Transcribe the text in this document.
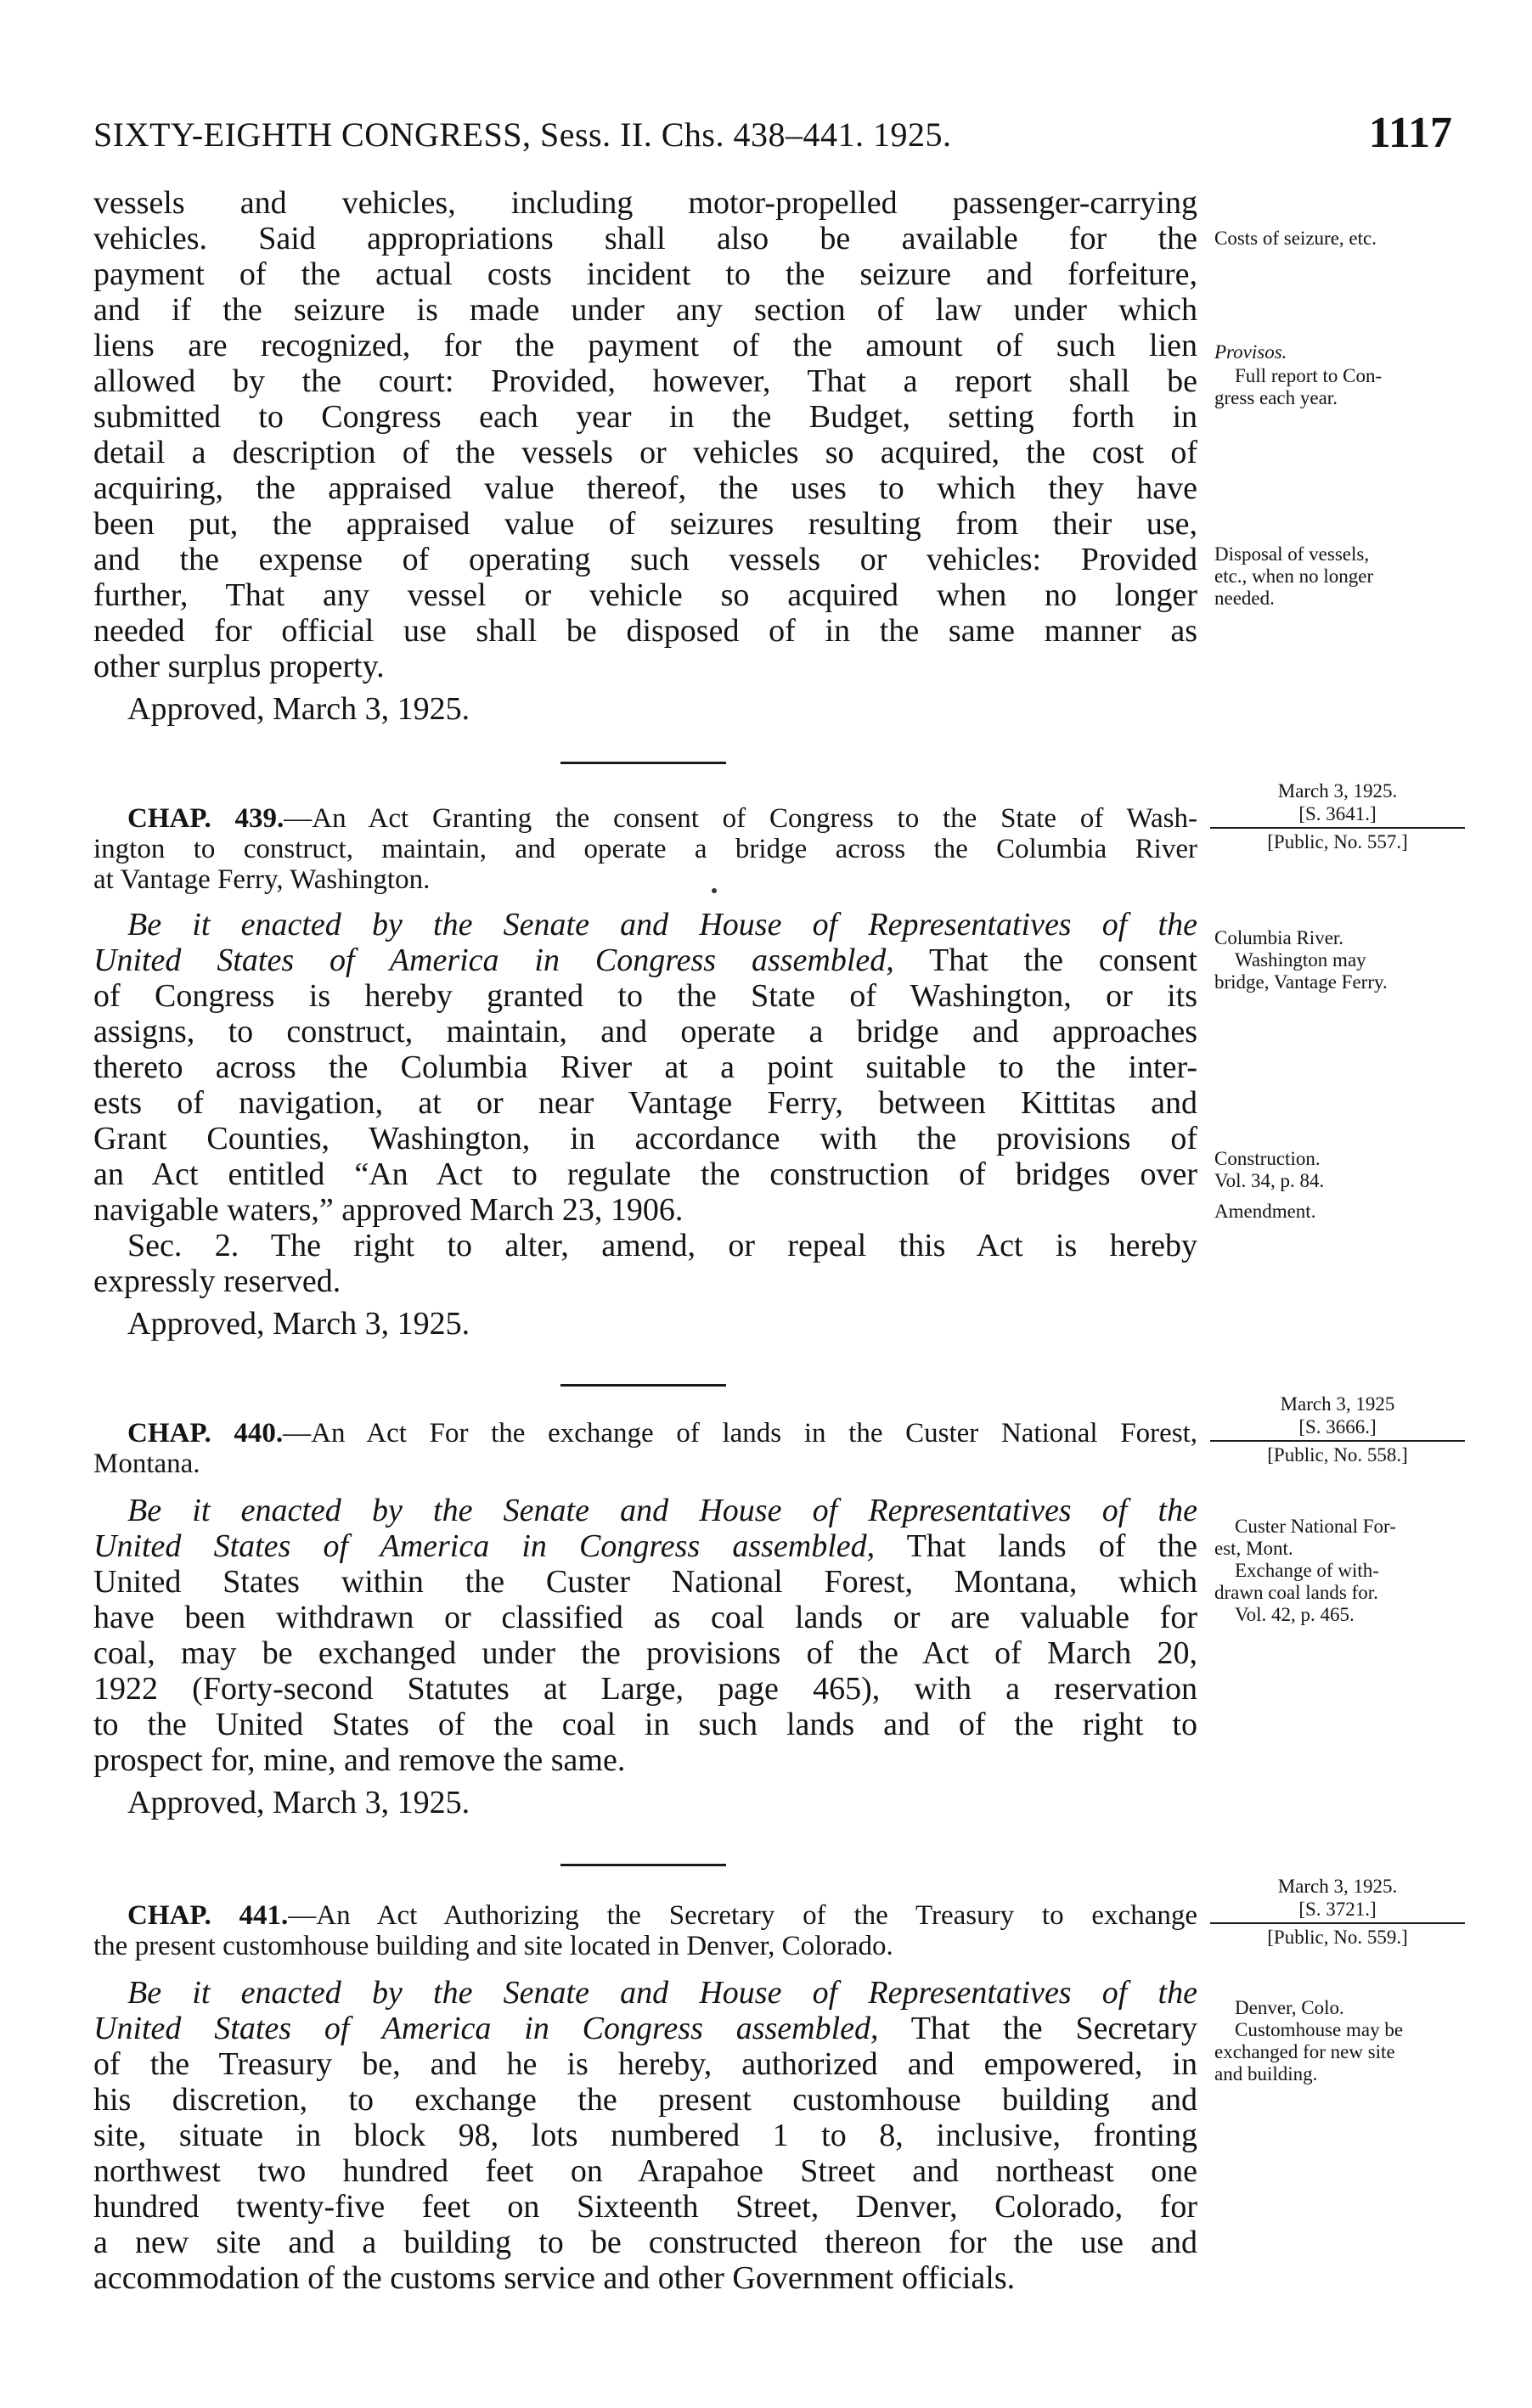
SIXTY-EIGHTH CONGRESS, Sess. II. Chs. 438–441. 1925.	1117
vessels and vehicles, including motor-propelled passenger-carrying
vehicles. Said appropriations shall also be available for the
payment of the actual costs incident to the seizure and forfeiture,
and if the seizure is made under any section of law under which
liens are recognized, for the payment of the amount of such lien
allowed by the court: Provided, however, That a report shall be
submitted to Congress each year in the Budget, setting forth in
detail a description of the vessels or vehicles so acquired, the cost of
acquiring, the appraised value thereof, the uses to which they have
been put, the appraised value of seizures resulting from their use,
and the expense of operating such vessels or vehicles: Provided
further, That any vessel or vehicle so acquired when no longer
needed for official use shall be disposed of in the same manner as
other surplus property.
Approved, March 3, 1925.
Costs of seizure, etc.
Provisos.
Full report to Con-
gress each year.
Disposal of vessels,
etc., when no longer
needed.
March 3, 1925.
[S. 3641.]
[Public, No. 557.]
CHAP. 439.—An Act Granting the consent of Congress to the State of Wash-
ington to construct, maintain, and operate a bridge across the Columbia River
at Vantage Ferry, Washington.
Be it enacted by the Senate and House of Representatives of the
United States of America in Congress assembled, That the consent
of Congress is hereby granted to the State of Washington, or its
assigns, to construct, maintain, and operate a bridge and approaches
thereto across the Columbia River at a point suitable to the inter-
ests of navigation, at or near Vantage Ferry, between Kittitas and
Grant Counties, Washington, in accordance with the provisions of
an Act entitled “An Act to regulate the construction of bridges over
navigable waters,” approved March 23, 1906.
Sec. 2. The right to alter, amend, or repeal this Act is hereby
expressly reserved.
Approved, March 3, 1925.
Columbia River.
Washington may
bridge, Vantage Ferry.
Construction.
Vol. 34, p. 84.
Amendment.
March 3, 1925
[S. 3666.]
[Public, No. 558.]
CHAP. 440.—An Act For the exchange of lands in the Custer National Forest,
Montana.
Be it enacted by the Senate and House of Representatives of the
United States of America in Congress assembled, That lands of the
United States within the Custer National Forest, Montana, which
have been withdrawn or classified as coal lands or are valuable for
coal, may be exchanged under the provisions of the Act of March 20,
1922 (Forty-second Statutes at Large, page 465), with a reservation
to the United States of the coal in such lands and of the right to
prospect for, mine, and remove the same.
Approved, March 3, 1925.
Custer National For-
est, Mont.
Exchange of with-
drawn coal lands for.
Vol. 42, p. 465.
March 3, 1925.
[S. 3721.]
[Public, No. 559.]
CHAP. 441.—An Act Authorizing the Secretary of the Treasury to exchange
the present customhouse building and site located in Denver, Colorado.
Be it enacted by the Senate and House of Representatives of the
United States of America in Congress assembled, That the Secretary
of the Treasury be, and he is hereby, authorized and empowered, in
his discretion, to exchange the present customhouse building and
site, situate in block 98, lots numbered 1 to 8, inclusive, fronting
northwest two hundred feet on Arapahoe Street and northeast one
hundred twenty-five feet on Sixteenth Street, Denver, Colorado, for
a new site and a building to be constructed thereon for the use and
accommodation of the customs service and other Government officials.
Denver, Colo.
Customhouse may be
exchanged for new site
and building.
